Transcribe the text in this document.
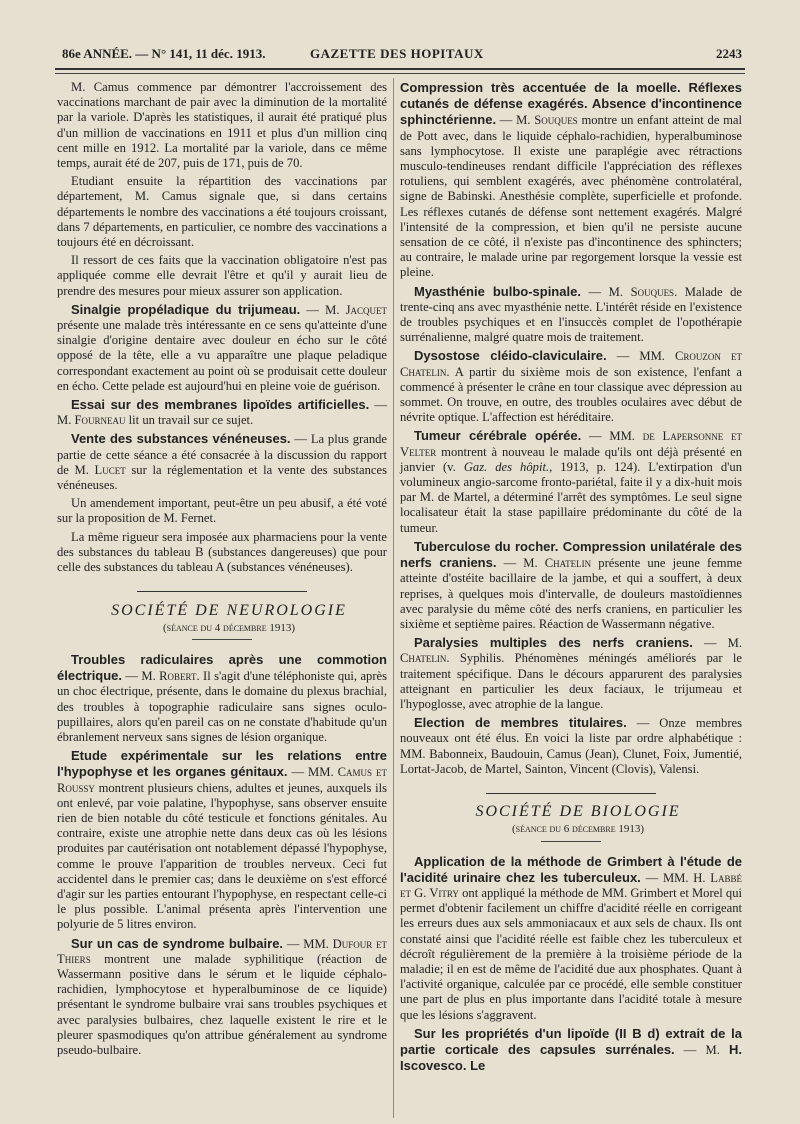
86e ANNÉE. — N° 141, 11 déc. 1913.	GAZETTE DES HOPITAUX	2243

M. Camus commence par démontrer l'accroissement des vaccinations marchant de pair avec la diminution de la mortalité par la variole. D'après les statistiques, il aurait été pratiqué plus d'un million de vaccinations en 1911 et plus d'un million cinq cent mille en 1912. La mortalité par la variole, dans ce même temps, aurait été de 207, puis de 171, puis de 70.

Etudiant ensuite la répartition des vaccinations par département, M. Camus signale que, si dans certains départements le nombre des vaccinations a été toujours croissant, dans 7 départements, en particulier, ce nombre des vaccinations a toujours été en décroissant.

Il ressort de ces faits que la vaccination obligatoire n'est pas appliquée comme elle devrait l'être et qu'il y aurait lieu de prendre des mesures pour mieux assurer son application.

Sinalgie propéladique du trijumeau. — M. Jacquet présente une malade très intéressante en ce sens qu'atteinte d'une sinalgie d'origine dentaire avec douleur en écho sur le côté opposé de la tête, elle a vu apparaître une plaque peladique correspondant exactement au point où se produisait cette douleur en écho. Cette pelade est aujourd'hui en pleine voie de guérison.

Essai sur des membranes lipoïdes artificielles. — M. Fourneau lit un travail sur ce sujet.

Vente des substances vénéneuses. — La plus grande partie de cette séance a été consacrée à la discussion du rapport de M. Lucet sur la réglementation et la vente des substances vénéneuses.

Un amendement important, peut-être un peu abusif, a été voté sur la proposition de M. Fernet.

La même rigueur sera imposée aux pharmaciens pour la vente des substances du tableau B (substances dangereuses) que pour celle des substances du tableau A (substances vénéneuses).

SOCIÉTÉ DE NEUROLOGIE

(séance du 4 décembre 1913)

Troubles radiculaires après une commotion électrique. — M. Robert. Il s'agit d'une téléphoniste qui, après un choc électrique, présente, dans le domaine du plexus brachial, des troubles à topographie radiculaire sans signes oculo-pupillaires, alors qu'en pareil cas on ne constate d'habitude qu'un ébranlement nerveux sans signes de lésion organique.

Etude expérimentale sur les relations entre l'hypophyse et les organes génitaux. — MM. Camus et Roussy montrent plusieurs chiens, adultes et jeunes, auxquels ils ont enlevé, par voie palatine, l'hypophyse, sans observer ensuite rien de bien notable du côté testicule et fonctions génitales. Au contraire, existe une atrophie nette dans deux cas où les lésions produites par cautérisation ont notablement dépassé l'hypophyse, comme le prouve l'apparition de troubles nerveux. Ceci fut accidentel dans le premier cas; dans le deuxième on s'est efforcé d'agir sur les parties entourant l'hypophyse, en respectant celle-ci le plus possible. L'animal présenta après l'intervention une polyurie de 5 litres environ.

Sur un cas de syndrome bulbaire. — MM. Dufour et Thiers montrent une malade syphilitique (réaction de Wassermann positive dans le sérum et le liquide céphalo-rachidien, lymphocytose et hyperalbuminose de ce liquide) présentant le syndrome bulbaire vrai sans troubles psychiques et avec paralysies bulbaires, chez laquelle existent le rire et le pleurer spasmodiques qu'on attribue généralement au syndrome pseudo-bulbaire.

Compression très accentuée de la moelle. Réflexes cutanés de défense exagérés. Absence d'incontinence sphinctérienne. — M. Souques montre un enfant atteint de mal de Pott avec, dans le liquide céphalo-rachidien, hyperalbuminose sans lymphocytose. Il existe une paraplégie avec rétractions musculo-tendineuses rendant difficile l'appréciation des réflexes rotuliens, qui semblent exagérés, avec phénomène controlatéral, signe de Babinski. Anesthésie complète, superficielle et profonde. Les réflexes cutanés de défense sont nettement exagérés. Malgré l'intensité de la compression, et bien qu'il ne persiste aucune sensation de ce côté, il n'existe pas d'incontinence des sphincters; au contraire, le malade urine par regorgement lorsque la vessie est pleine.

Myasthénie bulbo-spinale. — M. Souques. Malade de trente-cinq ans avec myasthénie nette. L'intérêt réside en l'existence de troubles psychiques et en l'insuccès complet de l'opothérapie surrénalienne, malgré quatre mois de traitement.

Dysostose cléido-claviculaire. — MM. Crouzon et Chatelin. A partir du sixième mois de son existence, l'enfant a commencé à présenter le crâne en tour classique avec dépression au sommet. On trouve, en outre, des troubles oculaires avec début de névrite optique. L'affection est héréditaire.

Tumeur cérébrale opérée. — MM. de Lapersonne et Velter montrent à nouveau le malade qu'ils ont déjà présenté en janvier (v. Gaz. des hôpit., 1913, p. 124). L'extirpation d'un volumineux angio-sarcome fronto-pariétal, faite il y a dix-huit mois par M. de Martel, a déterminé l'arrêt des symptômes. Le seul signe localisateur était la stase papillaire prédominante du côté de la tumeur.

Tuberculose du rocher. Compression unilatérale des nerfs craniens. — M. Chatelin présente une jeune femme atteinte d'ostéite bacillaire de la jambe, et qui a souffert, à deux reprises, à quelques mois d'intervalle, de douleurs mastoïdiennes avec paralysie du même côté des nerfs craniens, en particulier les sixième et septième paires. Réaction de Wassermann négative.

Paralysies multiples des nerfs craniens. — M. Chatelin. Syphilis. Phénomènes méningés améliorés par le traitement spécifique. Dans le décours apparurent des paralysies atteignant en particulier les deux faciaux, le trijumeau et l'hypoglosse, avec atrophie de la langue.

Election de membres titulaires. — Onze membres nouveaux ont été élus. En voici la liste par ordre alphabétique : MM. Babonneix, Baudouin, Camus (Jean), Clunet, Foix, Jumentié, Lortat-Jacob, de Martel, Sainton, Vincent (Clovis), Valensi.

SOCIÉTÉ DE BIOLOGIE

(séance du 6 décembre 1913)

Application de la méthode de Grimbert à l'étude de l'acidité urinaire chez les tuberculeux. — MM. H. Labbé et G. Vitry ont appliqué la méthode de MM. Grimbert et Morel qui permet d'obtenir facilement un chiffre d'acidité réelle en corrigeant les erreurs dues aux sels ammoniacaux et aux sels de chaux. Ils ont constaté ainsi que l'acidité réelle est faible chez les tuberculeux et décroît régulièrement de la première à la troisième période de la maladie; il en est de même de l'acidité due aux phosphates. Quant à l'activité organique, calculée par ce procédé, elle semble constituer une part de plus en plus importante dans l'acidité totale à mesure que les lésions s'aggravent.

Sur les propriétés d'un lipoïde (II B d) extrait de la partie corticale des capsules surrénales. — M. H. Iscovesco. Le
